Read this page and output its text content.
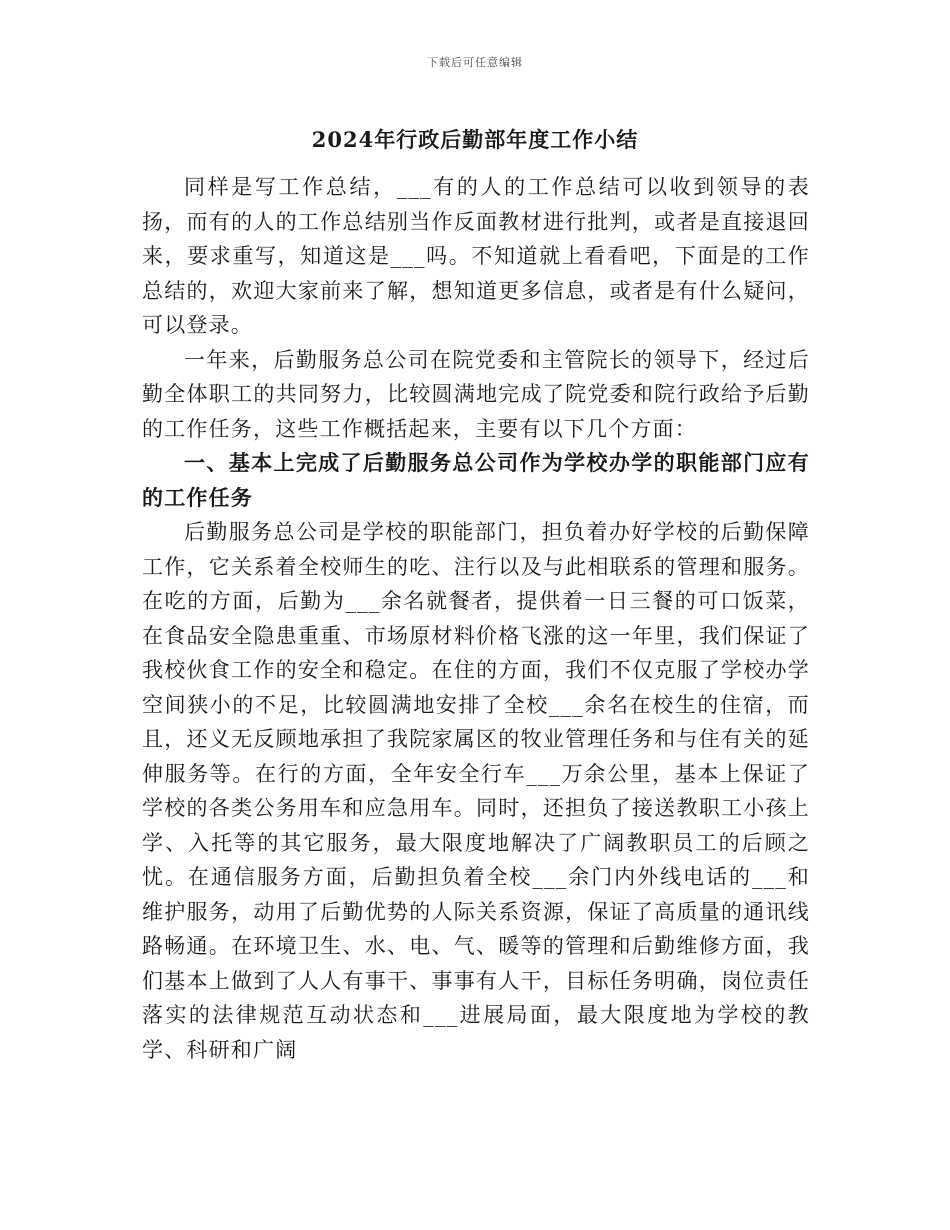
下载后可任意编辑
2024年行政后勤部年度工作小结

同样是写工作总结，___有的人的工作总结可以收到领导的表扬，而有的人的工作总结别当作反面教材进行批判，或者是直接退回来，要求重写，知道这是___吗。不知道就上看看吧，下面是的工作总结的，欢迎大家前来了解，想知道更多信息，或者是有什么疑问，可以登录。

一年来，后勤服务总公司在院党委和主管院长的领导下，经过后勤全体职工的共同努力，比较圆满地完成了院党委和院行政给予后勤的工作任务，这些工作概括起来，主要有以下几个方面：

一、基本上完成了后勤服务总公司作为学校办学的职能部门应有的工作任务

后勤服务总公司是学校的职能部门，担负着办好学校的后勤保障工作，它关系着全校师生的吃、注行以及与此相联系的管理和服务。在吃的方面，后勤为___余名就餐者，提供着一日三餐的可口饭菜，在食品安全隐患重重、市场原材料价格飞涨的这一年里，我们保证了我校伙食工作的安全和稳定。在住的方面，我们不仅克服了学校办学空间狭小的不足，比较圆满地安排了全校___余名在校生的住宿，而且，还义无反顾地承担了我院家属区的牧业管理任务和与住有关的延伸服务等。在行的方面，全年安全行车___万余公里，基本上保证了学校的各类公务用车和应急用车。同时，还担负了接送教职工小孩上学、入托等的其它服务，最大限度地解决了广阔教职员工的后顾之忧。在通信服务方面，后勤担负着全校___余门内外线电话的___和维护服务，动用了后勤优势的人际关系资源，保证了高质量的通讯线路畅通。在环境卫生、水、电、气、暖等的管理和后勤维修方面，我们基本上做到了人人有事干、事事有人干，目标任务明确，岗位责任落实的法律规范互动状态和___进展局面，最大限度地为学校的教学、科研和广阔
